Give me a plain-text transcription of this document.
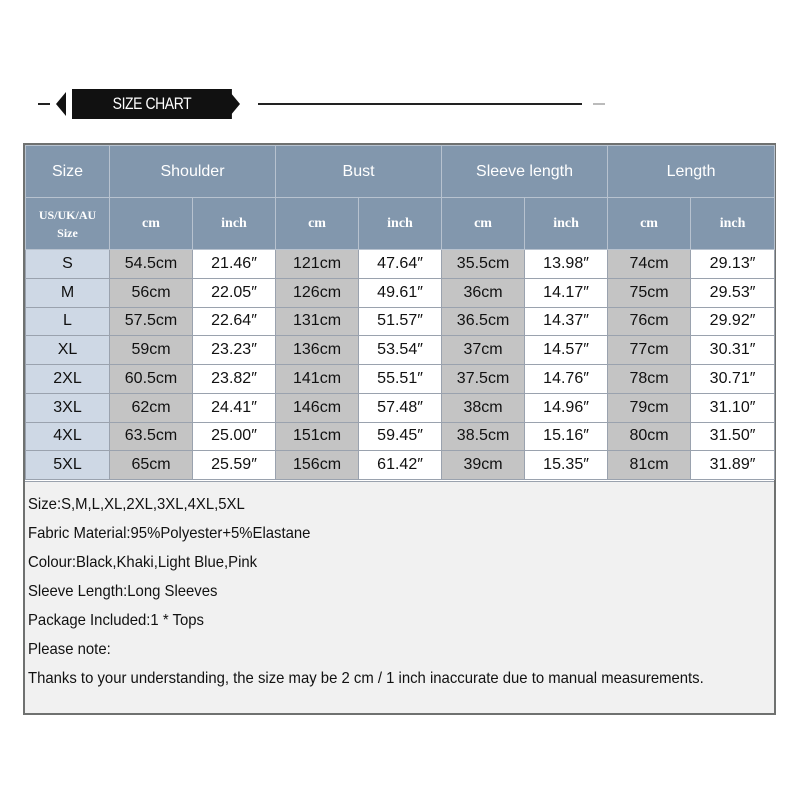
SIZE CHART
Size	Shoulder		Bust		Sleeve length		Length	
US/UK/AU
Size	cm	inch	cm	inch	cm	inch	cm	inch
S	54.5cm	21.46″	121cm	47.64″	35.5cm	13.98″	74cm	29.13″
M	56cm	22.05″	126cm	49.61″	36cm	14.17″	75cm	29.53″
L	57.5cm	22.64″	131cm	51.57″	36.5cm	14.37″	76cm	29.92″
XL	59cm	23.23″	136cm	53.54″	37cm	14.57″	77cm	30.31″
2XL	60.5cm	23.82″	141cm	55.51″	37.5cm	14.76″	78cm	30.71″
3XL	62cm	24.41″	146cm	57.48″	38cm	14.96″	79cm	31.10″
4XL	63.5cm	25.00″	151cm	59.45″	38.5cm	15.16″	80cm	31.50″
5XL	65cm	25.59″	156cm	61.42″	39cm	15.35″	81cm	31.89″
Size:S,M,L,XL,2XL,3XL,4XL,5XL
Fabric Material:95%Polyester+5%Elastane
Colour:Black,Khaki,Light Blue,Pink
Sleeve Length:Long Sleeves
Package Included:1 * Tops
Please note:
Thanks to your understanding, the size may be 2 cm / 1 inch inaccurate due to manual measurements.
